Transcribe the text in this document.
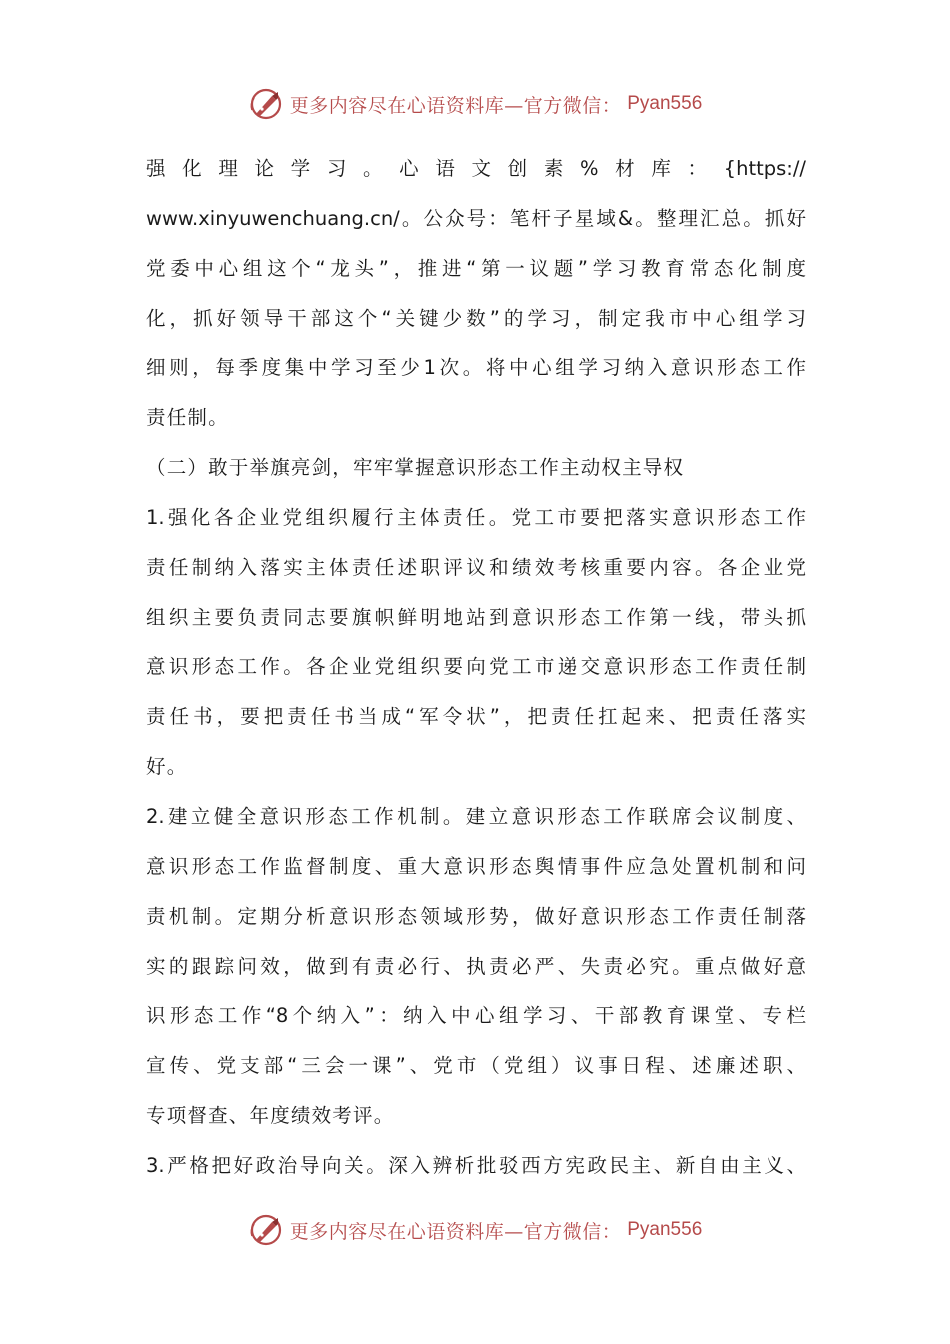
更多内容尽在心语资料库—官方微信： Pyan556
强化理论学习。心语文创素%材库：{https://
www.xinyuwenchuang.cn/。公众号：笔杆子星域&。整理汇总。抓好
党委中心组这个“龙头”，推进“第一议题”学习教育常态化制度
化，抓好领导干部这个“关键少数”的学习，制定我市中心组学习
细则，每季度集中学习至少1次。将中心组学习纳入意识形态工作
责任制。
（二）敢于举旗亮剑，牢牢掌握意识形态工作主动权主导权
1.强化各企业党组织履行主体责任。党工市要把落实意识形态工作
责任制纳入落实主体责任述职评议和绩效考核重要内容。各企业党
组织主要负责同志要旗帜鲜明地站到意识形态工作第一线，带头抓
意识形态工作。各企业党组织要向党工市递交意识形态工作责任制
责任书，要把责任书当成“军令状”，把责任扛起来、把责任落实
好。
2.建立健全意识形态工作机制。建立意识形态工作联席会议制度、
意识形态工作监督制度、重大意识形态舆情事件应急处置机制和问
责机制。定期分析意识形态领域形势，做好意识形态工作责任制落
实的跟踪问效，做到有责必行、执责必严、失责必究。重点做好意
识形态工作“8个纳入”：纳入中心组学习、干部教育课堂、专栏
宣传、党支部“三会一课”、党市（党组）议事日程、述廉述职、
专项督查、年度绩效考评。
3.严格把好政治导向关。深入辨析批驳西方宪政民主、新自由主义、
更多内容尽在心语资料库—官方微信： Pyan556
